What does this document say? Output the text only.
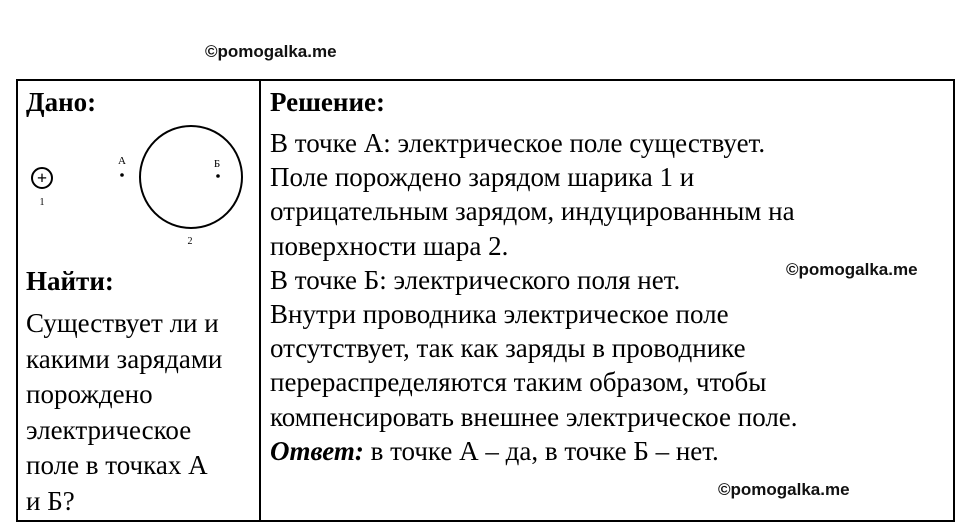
©pomogalka.me
Дано:
+
1
А	Б
2
Найти:
Существует ли и
какими зарядами
порождено
электрическое
поле в точках А
и Б?
Решение:

В точке А: электрическое поле существует.

Поле порождено зарядом шарика 1 и

отрицательным зарядом, индуцированным на

поверхности шара 2.

В точке Б: электрического поля нет.

Внутри проводника электрическое поле

отсутствует, так как заряды в проводнике

перераспределяются таким образом, чтобы

компенсировать внешнее электрическое поле.

Ответ: в точке А – да, в точке Б – нет.

©pomogalka.me
©pomogalka.me
